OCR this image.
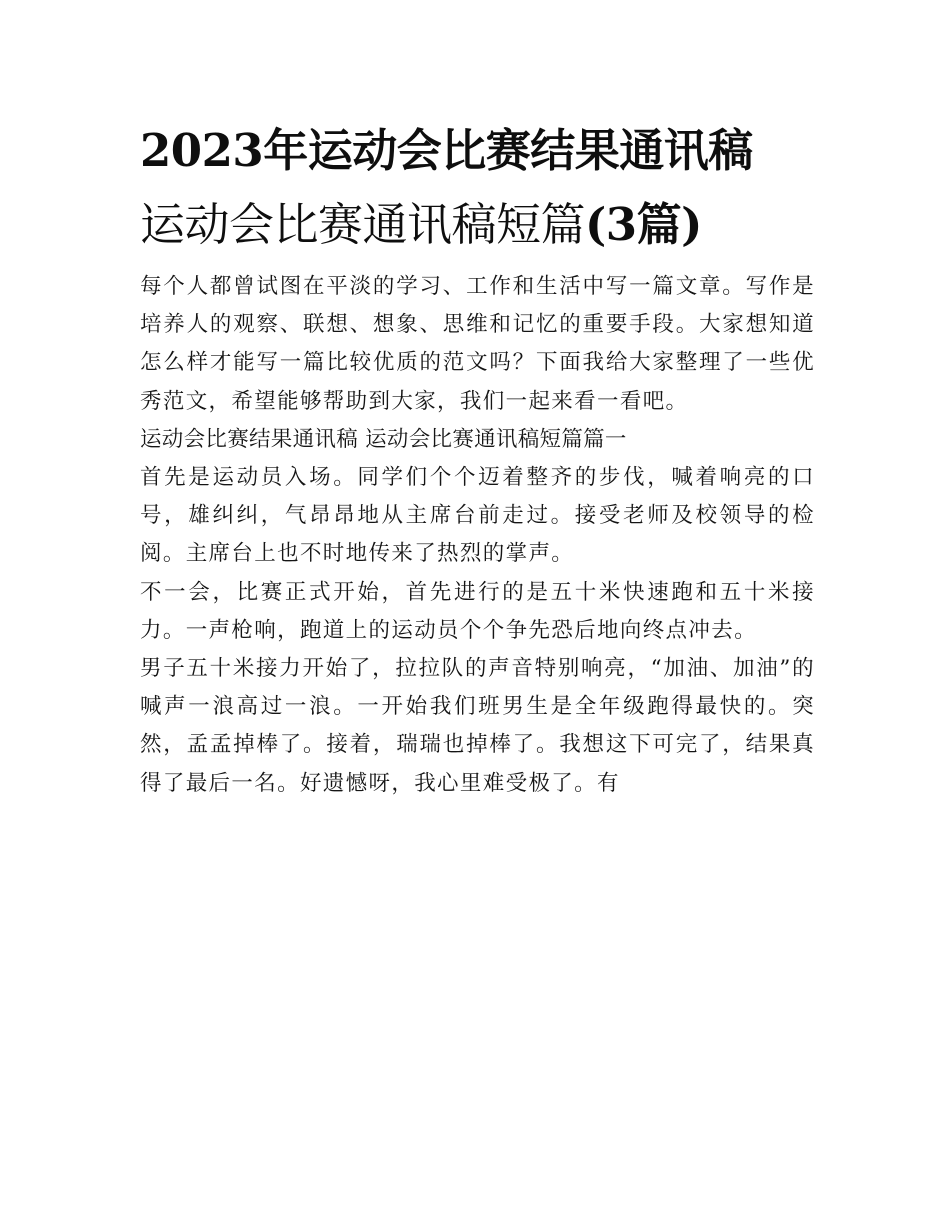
2023年运动会比赛结果通讯稿
运动会比赛通讯稿短篇(3篇)

每个人都曾试图在平淡的学习、工作和生活中写一篇文章。写作是培养人的观察、联想、想象、思维和记忆的重要手段。大家想知道怎么样才能写一篇比较优质的范文吗？下面我给大家整理了一些优秀范文，希望能够帮助到大家，我们一起来看一看吧。

运动会比赛结果通讯稿 运动会比赛通讯稿短篇篇一

首先是运动员入场。同学们个个迈着整齐的步伐，喊着响亮的口号，雄纠纠，气昂昂地从主席台前走过。接受老师及校领导的检阅。主席台上也不时地传来了热烈的掌声。

不一会，比赛正式开始，首先进行的是五十米快速跑和五十米接力。一声枪响，跑道上的运动员个个争先恐后地向终点冲去。

男子五十米接力开始了，拉拉队的声音特别响亮，“加油、加油”的喊声一浪高过一浪。一开始我们班男生是全年级跑得最快的。突然，孟孟掉棒了。接着，瑞瑞也掉棒了。我想这下可完了，结果真得了最后一名。好遗憾呀，我心里难受极了。有
